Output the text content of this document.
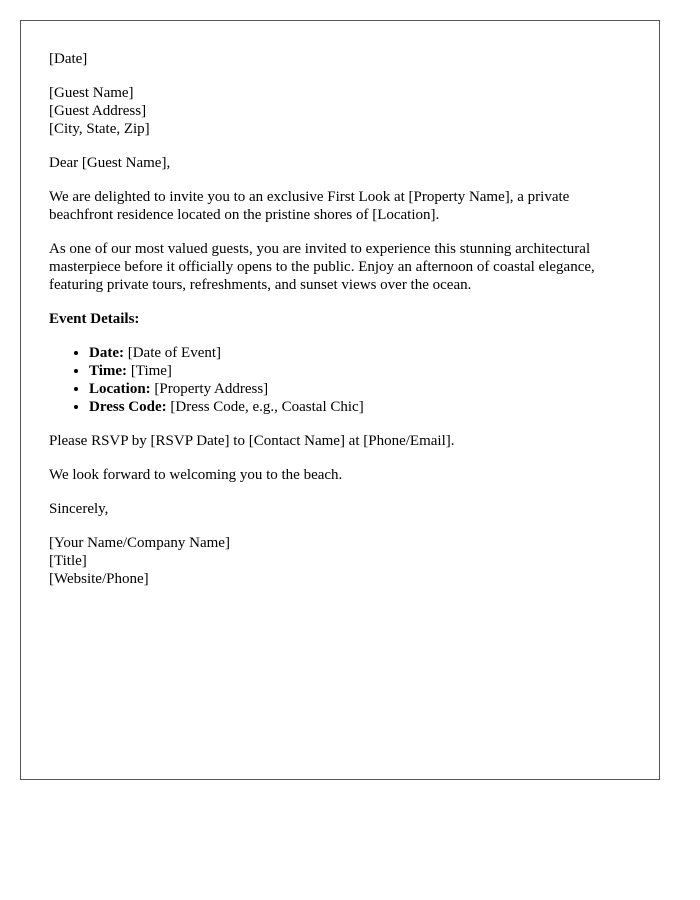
[Date]

[Guest Name]
[Guest Address]
[City, State, Zip]

Dear [Guest Name],

We are delighted to invite you to an exclusive First Look at [Property Name], a private beachfront residence located on the pristine shores of [Location].

As one of our most valued guests, you are invited to experience this stunning architectural masterpiece before it officially opens to the public. Enjoy an afternoon of coastal elegance, featuring private tours, refreshments, and sunset views over the ocean.

Event Details:

• Date: [Date of Event]
• Time: [Time]
• Location: [Property Address]
• Dress Code: [Dress Code, e.g., Coastal Chic]

Please RSVP by [RSVP Date] to [Contact Name] at [Phone/Email].

We look forward to welcoming you to the beach.

Sincerely,

[Your Name/Company Name]
[Title]
[Website/Phone]
